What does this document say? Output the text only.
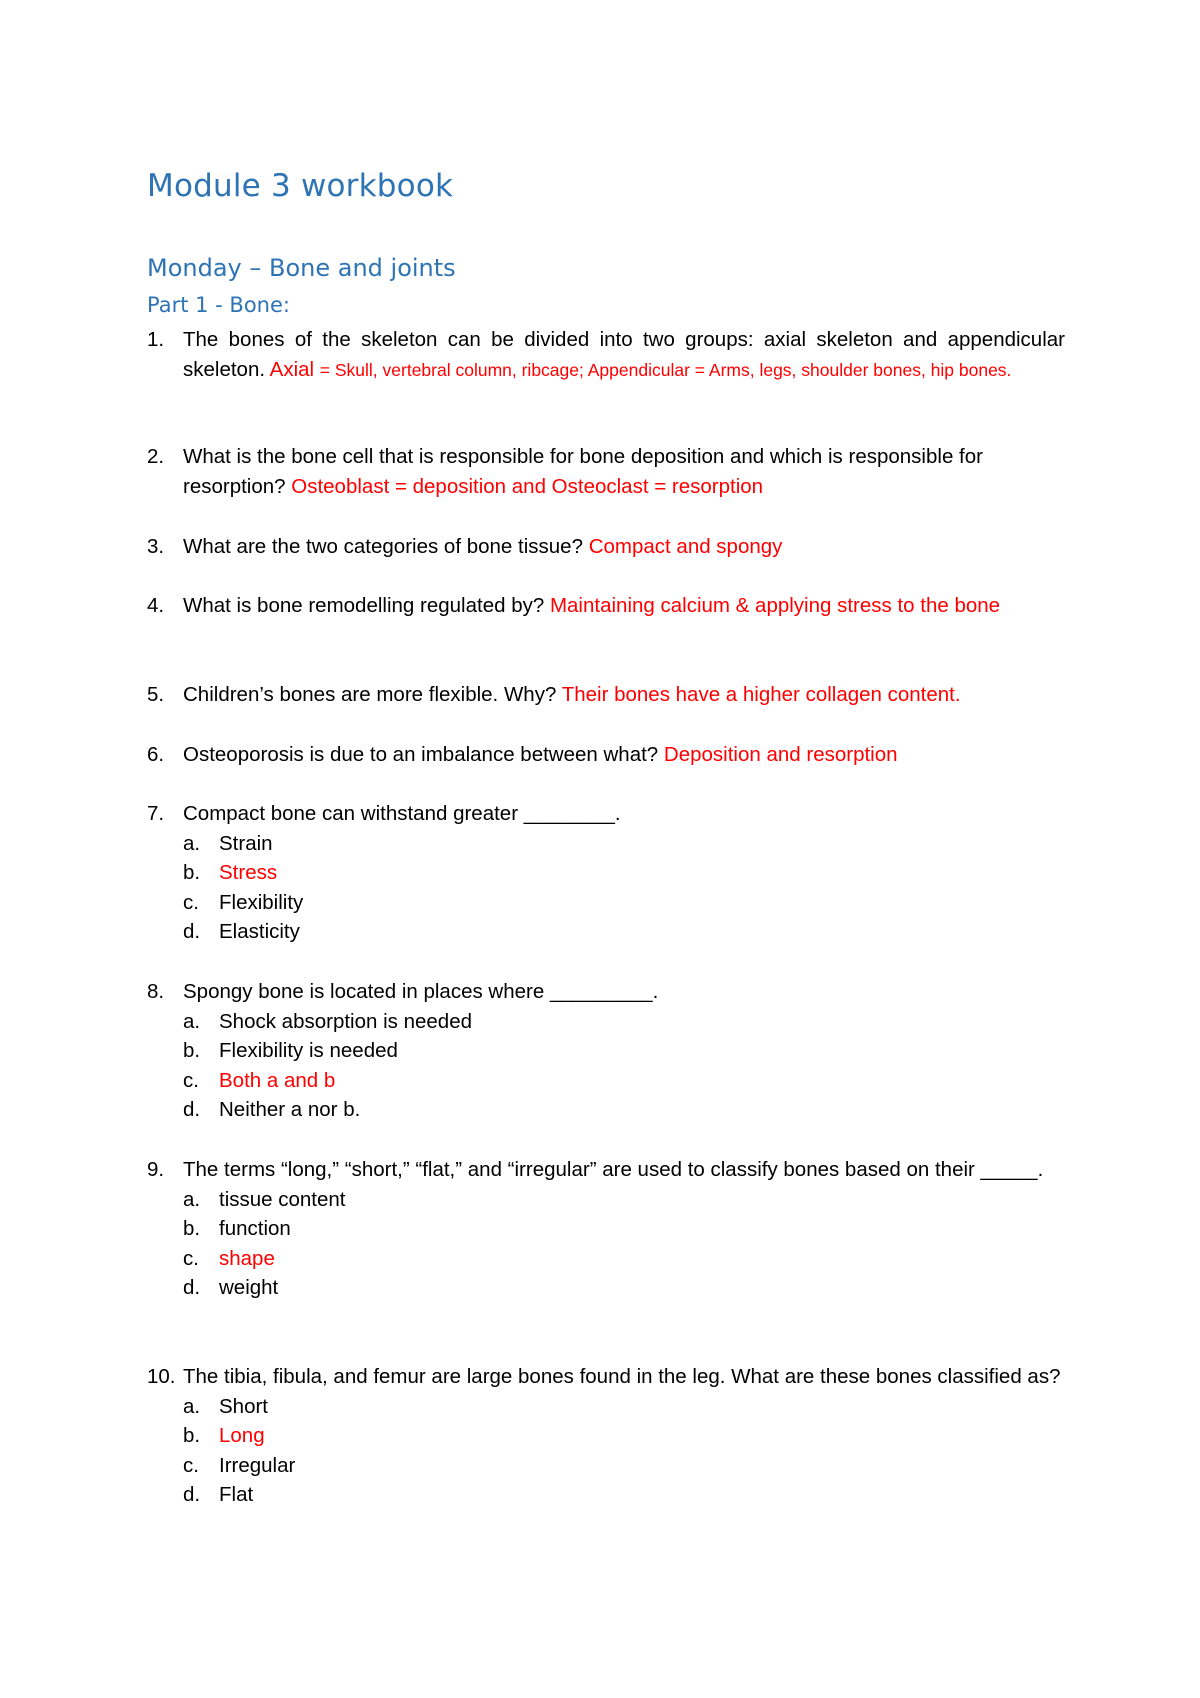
Module 3 workbook
Monday – Bone and joints
Part 1 - Bone:
1. The bones of the skeleton can be divided into two groups: axial skeleton and appendicular skeleton. Axial = Skull, vertebral column, ribcage; Appendicular = Arms, legs, shoulder bones, hip bones.
2. What is the bone cell that is responsible for bone deposition and which is responsible for resorption? Osteoblast = deposition and Osteoclast = resorption
3. What are the two categories of bone tissue? Compact and spongy
4. What is bone remodelling regulated by? Maintaining calcium & applying stress to the bone
5. Children’s bones are more flexible. Why? Their bones have a higher collagen content.
6. Osteoporosis is due to an imbalance between what? Deposition and resorption
7. Compact bone can withstand greater ________.
a. Strain
b. Stress
c. Flexibility
d. Elasticity
8. Spongy bone is located in places where _________.
a. Shock absorption is needed
b. Flexibility is needed
c. Both a and b
d. Neither a nor b.
9. The terms “long,” “short,” “flat,” and “irregular” are used to classify bones based on their _____.
a. tissue content
b. function
c. shape
d. weight
10. The tibia, fibula, and femur are large bones found in the leg. What are these bones classified as?
a. Short
b. Long
c. Irregular
d. Flat
